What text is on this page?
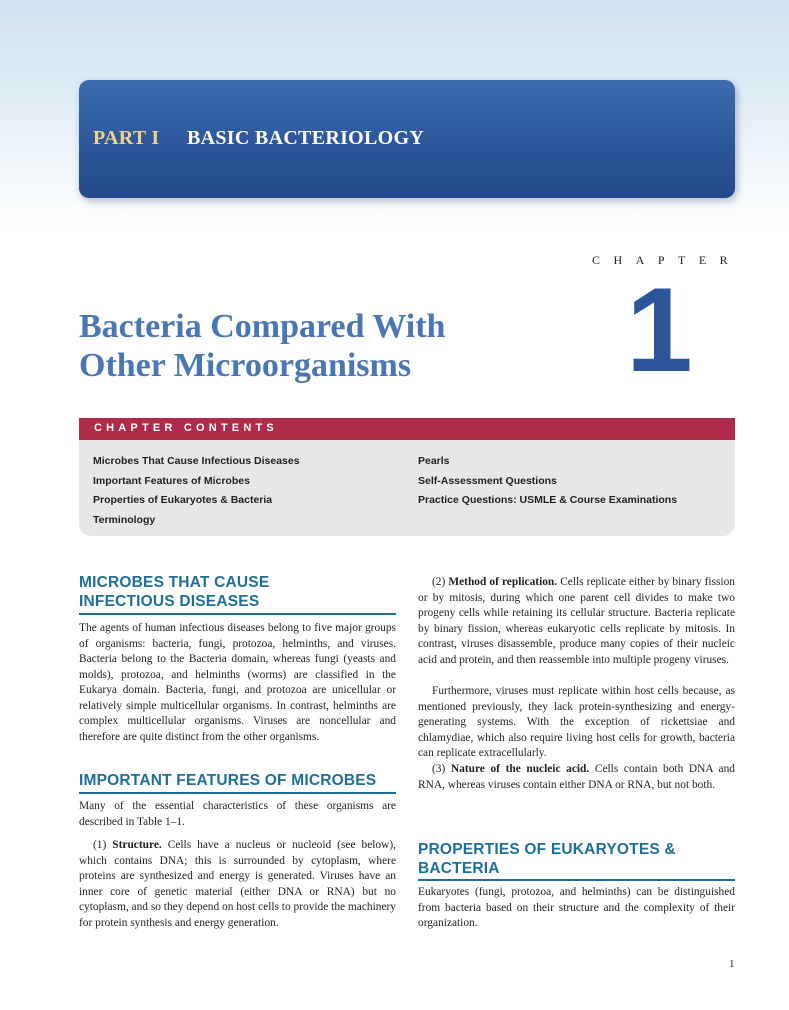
PART I BASIC BACTERIOLOGY
CHAPTER
1
Bacteria Compared With
Other Microorganisms
CHAPTER CONTENTS
Microbes That Cause Infectious Diseases
Important Features of Microbes
Properties of Eukaryotes & Bacteria
Terminology
Pearls
Self-Assessment Questions
Practice Questions: USMLE & Course Examinations
MICROBES THAT CAUSE
INFECTIOUS DISEASES
The agents of human infectious diseases belong to five major groups of organisms: bacteria, fungi, protozoa, helminths, and viruses. Bacteria belong to the Bacteria domain, whereas fungi (yeasts and molds), protozoa, and helminths (worms) are classified in the Eukarya domain. Bacteria, fungi, and protozoa are unicellular or relatively simple multicellular organisms. In contrast, helminths are complex multicellular organisms. Viruses are noncellular and therefore are quite distinct from the other organisms.
IMPORTANT FEATURES OF MICROBES
Many of the essential characteristics of these organisms are described in Table 1–1.
(1) Structure. Cells have a nucleus or nucleoid (see below), which contains DNA; this is surrounded by cytoplasm, where proteins are synthesized and energy is generated. Viruses have an inner core of genetic material (either DNA or RNA) but no cytoplasm, and so they depend on host cells to provide the machinery for protein synthesis and energy generation.
(2) Method of replication. Cells replicate either by binary fission or by mitosis, during which one parent cell divides to make two progeny cells while retaining its cellular structure. Bacteria replicate by binary fission, whereas eukaryotic cells replicate by mitosis. In contrast, viruses disassemble, produce many copies of their nucleic acid and protein, and then reassemble into multiple progeny viruses.
Furthermore, viruses must replicate within host cells because, as mentioned previously, they lack protein-synthesizing and energy-generating systems. With the exception of rickettsiae and chlamydiae, which also require living host cells for growth, bacteria can replicate extracellularly.
(3) Nature of the nucleic acid. Cells contain both DNA and RNA, whereas viruses contain either DNA or RNA, but not both.
PROPERTIES OF EUKARYOTES &
BACTERIA
Eukaryotes (fungi, protozoa, and helminths) can be distinguished from bacteria based on their structure and the complexity of their organization.
1
